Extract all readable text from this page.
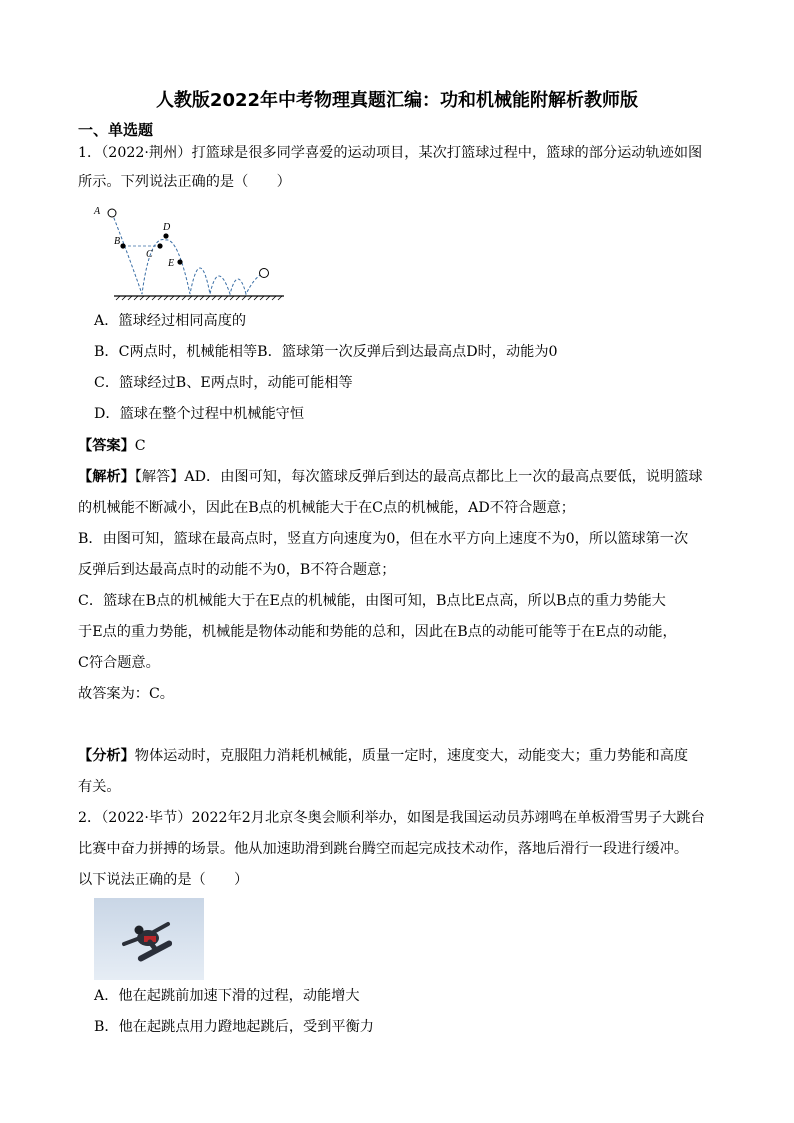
人教版2022年中考物理真题汇编：功和机械能附解析教师版
一、单选题
1．（2022·荆州）打篮球是很多同学喜爱的运动项目，某次打篮球过程中，篮球的部分运动轨迹如图
所示。下列说法正确的是（　　）
A
B
C
D
E
A．篮球经过相同高度的
B．C两点时，机械能相等B．篮球第一次反弹后到达最高点D时，动能为0
C．篮球经过B、E两点时，动能可能相等
D．篮球在整个过程中机械能守恒
【答案】C
【解析】【解答】AD．由图可知，每次篮球反弹后到达的最高点都比上一次的最高点要低，说明篮球
的机械能不断减小，因此在B点的机械能大于在C点的机械能，AD不符合题意；
B．由图可知，篮球在最高点时，竖直方向速度为0，但在水平方向上速度不为0，所以篮球第一次
反弹后到达最高点时的动能不为0，B不符合题意；
C．篮球在B点的机械能大于在E点的机械能，由图可知，B点比E点高，所以B点的重力势能大
于E点的重力势能，机械能是物体动能和势能的总和，因此在B点的动能可能等于在E点的动能，
C符合题意。
故答案为：C。
【分析】物体运动时，克服阻力消耗机械能，质量一定时，速度变大，动能变大；重力势能和高度
有关。
2．（2022·毕节）2022年2月北京冬奥会顺利举办，如图是我国运动员苏翊鸣在单板滑雪男子大跳台
比赛中奋力拼搏的场景。他从加速助滑到跳台腾空而起完成技术动作，落地后滑行一段进行缓冲。
以下说法正确的是（　　）
A．他在起跳前加速下滑的过程，动能增大
B．他在起跳点用力蹬地起跳后，受到平衡力
